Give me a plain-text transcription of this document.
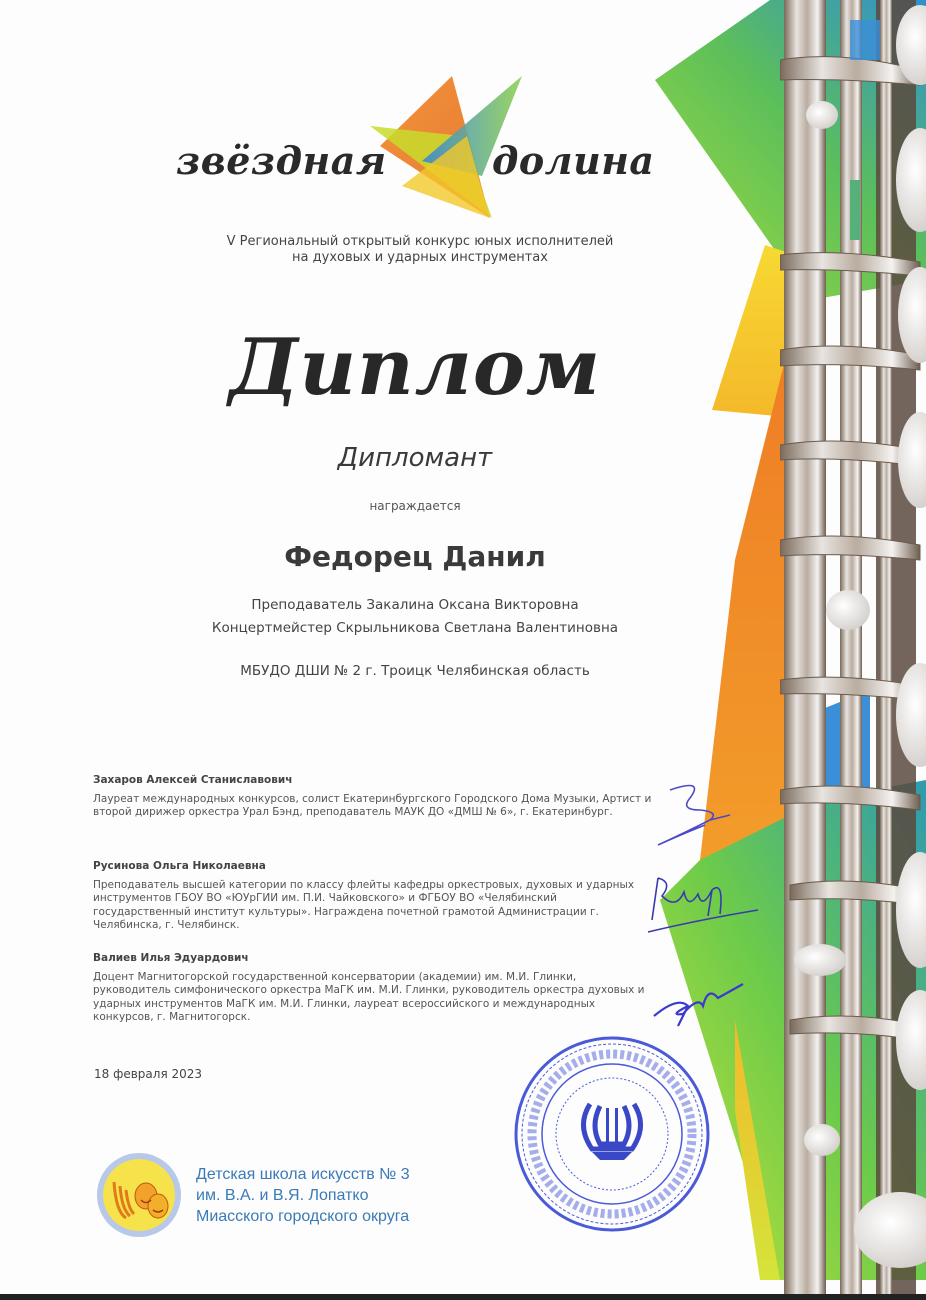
звёздная	долина
V Региональный открытый конкурс юных исполнителей
на духовых и ударных инструментах
Диплом
Дипломант
награждается
Федорец Данил
Преподаватель Закалина Оксана Викторовна
Концертмейстер Скрыльникова Светлана Валентиновна
МБУДО ДШИ № 2 г. Троицк Челябинская область
Захаров Алексей Станиславович
Лауреат международных конкурсов, солист Екатеринбургского Городского Дома Музыки, Артист и второй дирижер оркестра Урал Бэнд, преподаватель МАУК ДО «ДМШ № 6», г. Екатеринбург.
Русинова Ольга Николаевна
Преподаватель высшей категории по классу флейты кафедры оркестровых, духовых и ударных инструментов ГБОУ ВО «ЮУрГИИ им. П.И. Чайковского» и ФГБОУ ВО «Челябинский государственный институт культуры». Награждена почетной грамотой Администрации г. Челябинска, г. Челябинск.
Валиев Илья Эдуардович
Доцент Магнитогорской государственной консерватории (академии) им. М.И. Глинки, руководитель симфонического оркестра МаГК им. М.И. Глинки, руководитель оркестра духовых и ударных инструментов МаГК им. М.И. Глинки, лауреат всероссийского и международных конкурсов, г. Магнитогорск.
18 февраля 2023
Детская школа искусств № 3
им. В.А. и В.Я. Лопатко
Миасского городского округа
